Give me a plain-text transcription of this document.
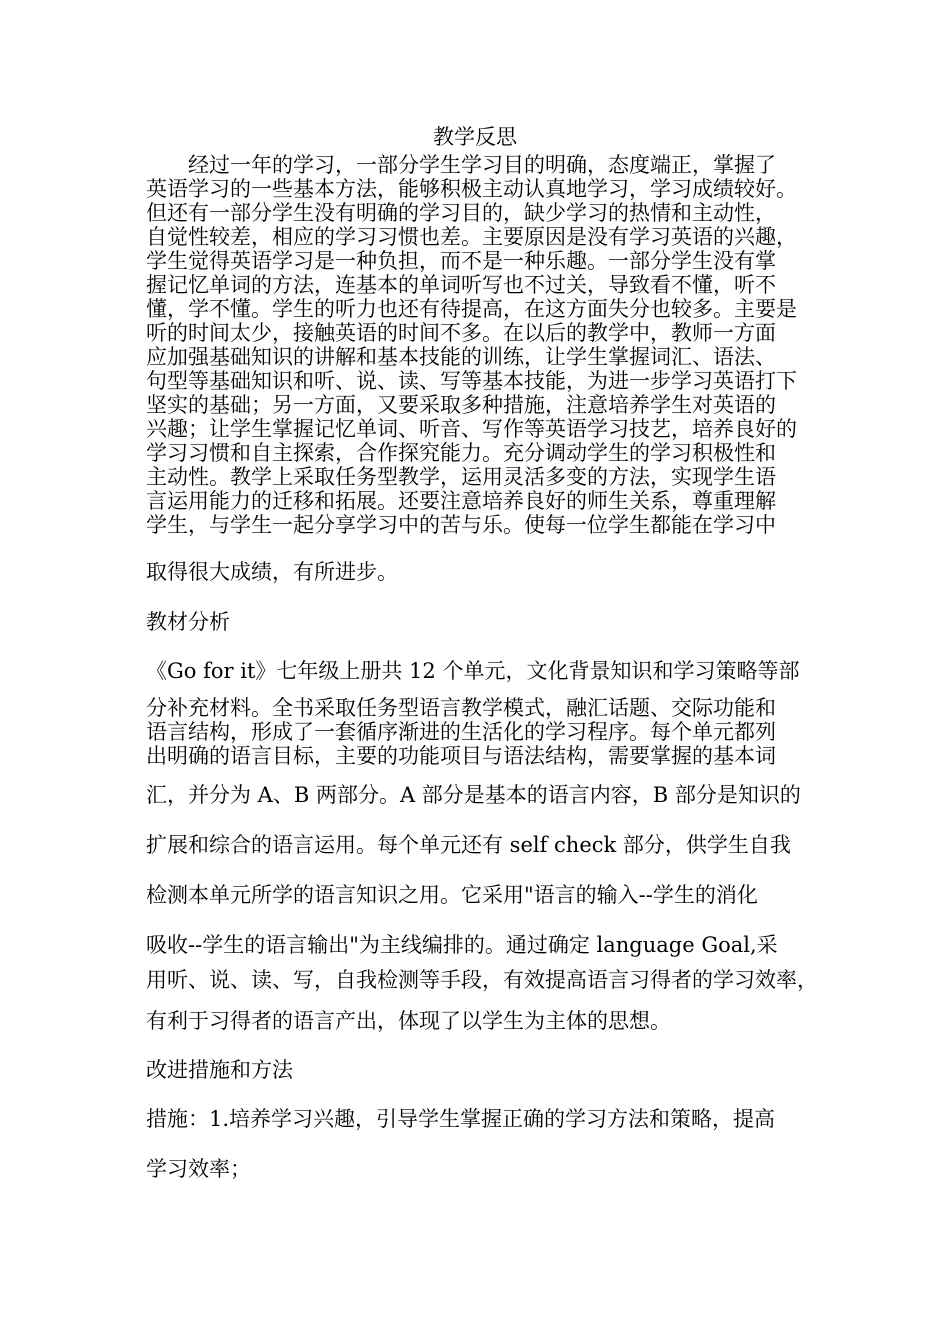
教学反思
　　经过一年的学习，一部分学生学习目的明确，态度端正，掌握了
英语学习的一些基本方法，能够积极主动认真地学习，学习成绩较好。
但还有一部分学生没有明确的学习目的，缺少学习的热情和主动性，
自觉性较差，相应的学习习惯也差。主要原因是没有学习英语的兴趣，
学生觉得英语学习是一种负担，而不是一种乐趣。一部分学生没有掌
握记忆单词的方法，连基本的单词听写也不过关，导致看不懂，听不
懂，学不懂。学生的听力也还有待提高，在这方面失分也较多。主要是
听的时间太少，接触英语的时间不多。在以后的教学中，教师一方面
应加强基础知识的讲解和基本技能的训练，让学生掌握词汇、语法、
句型等基础知识和听、说、读、写等基本技能，为进一步学习英语打下
坚实的基础；另一方面，又要采取多种措施，注意培养学生对英语的
兴趣；让学生掌握记忆单词、听音、写作等英语学习技艺，培养良好的
学习习惯和自主探索，合作探究能力。充分调动学生的学习积极性和
主动性。教学上采取任务型教学，运用灵活多变的方法，实现学生语
言运用能力的迁移和拓展。还要注意培养良好的师生关系，尊重理解
学生，与学生一起分享学习中的苦与乐。使每一位学生都能在学习中
取得很大成绩，有所进步。
教材分析
《Go for it》七年级上册共 12 个单元，文化背景知识和学习策略等部
分补充材料。全书采取任务型语言教学模式，融汇话题、交际功能和
语言结构，形成了一套循序渐进的生活化的学习程序。每个单元都列
出明确的语言目标，主要的功能项目与语法结构，需要掌握的基本词
汇，并分为 A、B 两部分。A 部分是基本的语言内容，B 部分是知识的
扩展和综合的语言运用。每个单元还有 self check 部分，供学生自我
检测本单元所学的语言知识之用。它采用"语言的输入--学生的消化
吸收--学生的语言输出"为主线编排的。通过确定 language Goal,采
用听、说、读、写，自我检测等手段，有效提高语言习得者的学习效率，
有利于习得者的语言产出，体现了以学生为主体的思想。
改进措施和方法
措施：1.培养学习兴趣，引导学生掌握正确的学习方法和策略，提高
学习效率；
